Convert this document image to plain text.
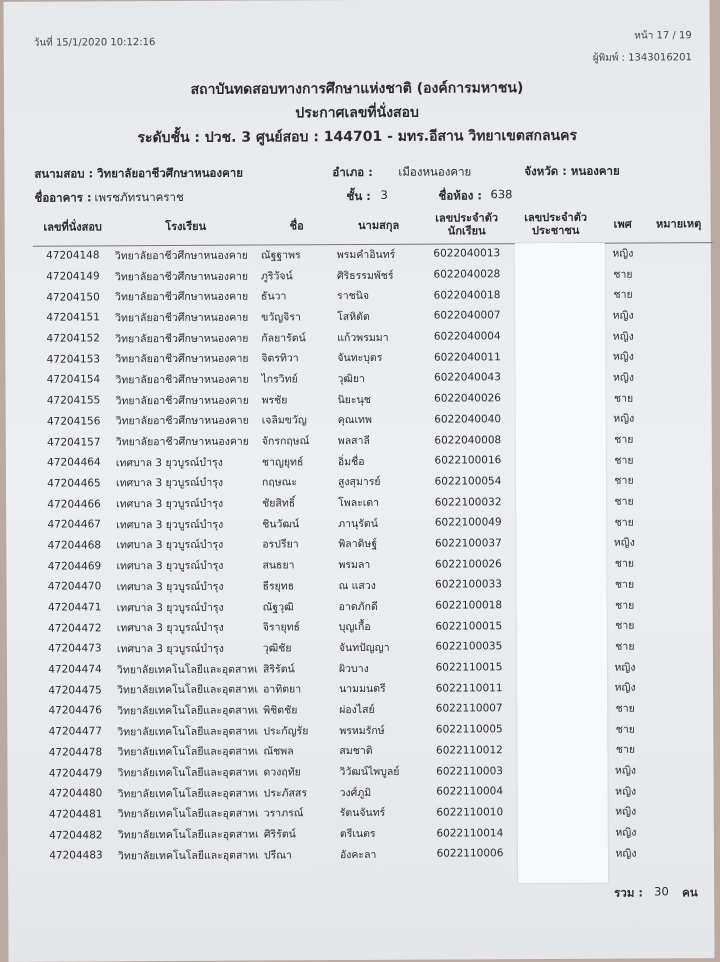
วันที่ 15/1/2020 10:12:16
หน้า 17 / 19
ผู้พิมพ์ : 1343016201
สถาบันทดสอบทางการศึกษาแห่งชาติ (องค์การมหาชน)
ประกาศเลขที่นั่งสอบ
ระดับชั้น : ปวช. 3 ศูนย์สอบ : 144701 - มทร.อีสาน วิทยาเขตสกลนคร
สนามสอบ : วิทยาลัยอาชีวศึกษาหนองคาย	อำเภอ : เมืองหนองคาย	จังหวัด : หนองคาย
ชื่ออาคาร : เพรชภัทรนาคราช	ชั้น : 3	ชื่อห้อง : 638
เลขที่นั่งสอบ	โรงเรียน	ชื่อ	นามสกุล	เลขประจำตัว นักเรียน	เลขประจำตัว ประชาชน	เพศ	หมายเหตุ
47204148	วิทยาลัยอาชีวศึกษาหนองคาย	ณัฐฐาพร	พรมคำอินทร์	6022040013		หญิง	
47204149	วิทยาลัยอาชีวศึกษาหนองคาย	ภูริวัจน์	ศิริธรรมพัชร์	6022040028		ชาย	
47204150	วิทยาลัยอาชีวศึกษาหนองคาย	ธันวา	ราชนิจ	6022040018		ชาย	
47204151	วิทยาลัยอาชีวศึกษาหนองคาย	ขวัญจิรา	โสหิตัต	6022040007		หญิง	
47204152	วิทยาลัยอาชีวศึกษาหนองคาย	กัลยารัตน์	แก้วพรมมา	6022040004		หญิง	
47204153	วิทยาลัยอาชีวศึกษาหนองคาย	จิตรทิวา	จันทะบุตร	6022040011		หญิง	
47204154	วิทยาลัยอาชีวศึกษาหนองคาย	ไกรวิทย์	วุฒิยา	6022040043		หญิง	
47204155	วิทยาลัยอาชีวศึกษาหนองคาย	พรชัย	นิยะนุช	6022040026		ชาย	
47204156	วิทยาลัยอาชีวศึกษาหนองคาย	เจลิมขวัญ	คุณเทพ	6022040040		หญิง	
47204157	วิทยาลัยอาชีวศึกษาหนองคาย	จักรกฤษณ์	พลสาลี	6022040008		ชาย	
47204464	เทศบาล 3 ยุวบูรณ์บำรุง	ชาญยุทธ์	อิ่มชื่อ	6022100016		ชาย	
47204465	เทศบาล 3 ยุวบูรณ์บำรุง	กฤษณะ	สูงสุมารย์	6022100054		ชาย	
47204466	เทศบาล 3 ยุวบูรณ์บำรุง	ชัยสิทธิ์	โพละเดา	6022100032		ชาย	
47204467	เทศบาล 3 ยุวบูรณ์บำรุง	ชินวัฒน์	ภานุรัตน์	6022100049		ชาย	
47204468	เทศบาล 3 ยุวบูรณ์บำรุง	อรปรียา	พิลาดิษฐ์	6022100037		หญิง	
47204469	เทศบาล 3 ยุวบูรณ์บำรุง	สนธยา	พรมลา	6022100026		ชาย	
47204470	เทศบาล 3 ยุวบูรณ์บำรุง	ธีรยุทธ	ณ แสวง	6022100033		ชาย	
47204471	เทศบาล 3 ยุวบูรณ์บำรุง	ณัฐวุฒิ	อาดภักดี	6022100018		ชาย	
47204472	เทศบาล 3 ยุวบูรณ์บำรุง	จิรายุทธ์	บุญเกื้อ	6022100015		ชาย	
47204473	เทศบาล 3 ยุวบูรณ์บำรุง	วุฒิชัย	จันทปัญญา	6022100035		ชาย	
47204474	วิทยาลัยเทคโนโลยีและอุตสาหเ	สิริรัตน์	ผิวบาง	6022110015		หญิง	
47204475	วิทยาลัยเทคโนโลยีและอุตสาหเ	อาทิตยา	นามมนตรี	6022110011		หญิง	
47204476	วิทยาลัยเทคโนโลยีและอุตสาหเ	พิชิตชัย	ผ่องไสย์	6022110007		ชาย	
47204477	วิทยาลัยเทคโนโลยีและอุตสาหเ	ประกัญรัย	พรหมรักษ์	6022110005		ชาย	
47204478	วิทยาลัยเทคโนโลยีและอุตสาหเ	ณัชพล	สมชาติ	6022110012		ชาย	
47204479	วิทยาลัยเทคโนโลยีและอุตสาหเ	ดวงฤทัย	วิวัฒน์ไพบูลย์	6022110003		หญิง	
47204480	วิทยาลัยเทคโนโลยีและอุตสาหเ	ประภัสสร	วงศ์ภูมิ	6022110004		หญิง	
47204481	วิทยาลัยเทคโนโลยีและอุตสาหเ	วราภรณ์	รัตนจันทร์	6022110010		หญิง	
47204482	วิทยาลัยเทคโนโลยีและอุตสาหเ	ศิริรัตน์	ตรีเนตร	6022110014		หญิง	
47204483	วิทยาลัยเทคโนโลยีและอุตสาหเ	ปรีณา	อังคะลา	6022110006		หญิง	
รวม : 30 คน
